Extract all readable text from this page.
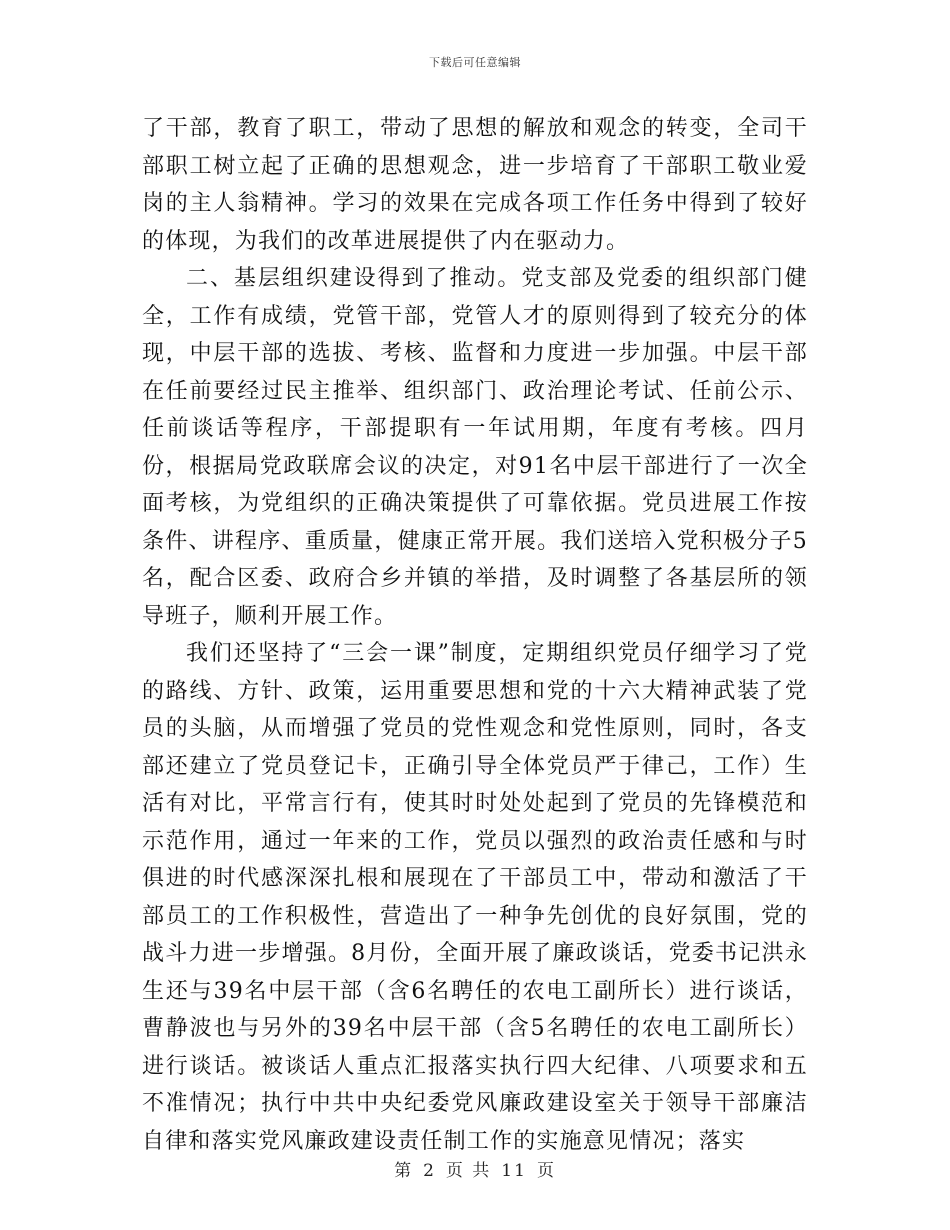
下载后可任意编辑

了干部，教育了职工，带动了思想的解放和观念的转变，全司干部职工树立起了正确的思想观念，进一步培育了干部职工敬业爱岗的主人翁精神。学习的效果在完成各项工作任务中得到了较好的体现，为我们的改革进展提供了内在驱动力。

二、基层组织建设得到了推动。党支部及党委的组织部门健全，工作有成绩，党管干部，党管人才的原则得到了较充分的体现，中层干部的选拔、考核、监督和力度进一步加强。中层干部在任前要经过民主推举、组织部门、政治理论考试、任前公示、任前谈话等程序，干部提职有一年试用期，年度有考核。四月份，根据局党政联席会议的决定，对91名中层干部进行了一次全面考核，为党组织的正确决策提供了可靠依据。党员进展工作按条件、讲程序、重质量，健康正常开展。我们送培入党积极分子5名，配合区委、政府合乡并镇的举措，及时调整了各基层所的领导班子，顺利开展工作。

我们还坚持了“三会一课”制度，定期组织党员仔细学习了党的路线、方针、政策，运用重要思想和党的十六大精神武装了党员的头脑，从而增强了党员的党性观念和党性原则，同时，各支部还建立了党员登记卡，正确引导全体党员严于律己，工作）生活有对比，平常言行有，使其时时处处起到了党员的先锋模范和示范作用，通过一年来的工作，党员以强烈的政治责任感和与时俱进的时代感深深扎根和展现在了干部员工中，带动和激活了干部员工的工作积极性，营造出了一种争先创优的良好氛围，党的战斗力进一步增强。8月份，全面开展了廉政谈话，党委书记洪永生还与39名中层干部（含6名聘任的农电工副所长）进行谈话，曹静波也与另外的39名中层干部（含5名聘任的农电工副所长）进行谈话。被谈话人重点汇报落实执行四大纪律、八项要求和五不准情况；执行中共中央纪委党风廉政建设室关于领导干部廉洁自律和落实党风廉政建设责任制工作的实施意见情况；落实

第 2 页 共 11 页
